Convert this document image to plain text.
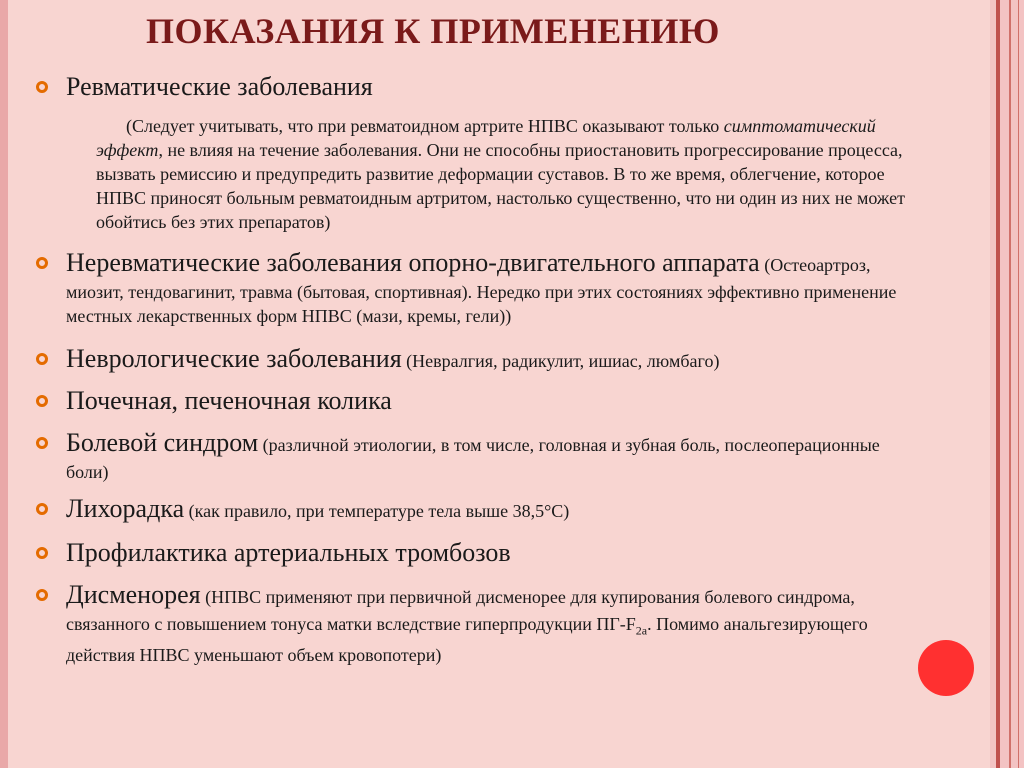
ПОКАЗАНИЯ К ПРИМЕНЕНИЮ
Ревматические заболевания
(Следует учитывать, что при ревматоидном артрите НПВС оказывают только симптоматический эффект, не влияя на течение заболевания. Они не способны приостановить прогрессирование процесса, вызвать ремиссию и предупредить развитие деформации суставов. В то же время, облегчение, которое НПВС приносят больным ревматоидным артритом, настолько существенно, что ни один из них не может обойтись без этих препаратов)
Неревматические заболевания опорно-двигательного аппарата (Остеоартроз, миозит, тендовагинит, травма (бытовая, спортивная). Нередко при этих состояниях эффективно применение местных лекарственных форм НПВС (мази, кремы, гели))
Неврологические заболевания (Невралгия, радикулит, ишиас, люмбаго)
Почечная, печеночная колика
Болевой синдром (различной этиологии, в том числе, головная и зубная боль, послеоперационные боли)
Лихорадка (как правило, при температуре тела выше 38,5°С)
Профилактика артериальных тромбозов
Дисменорея (НПВС применяют при первичной дисменорее для купирования болевого синдрома, связанного с повышением тонуса матки вследствие гиперпродукции $ПГ-F_{2a}$. Помимо анальгезирующего действия НПВС уменьшают объем кровопотери)
